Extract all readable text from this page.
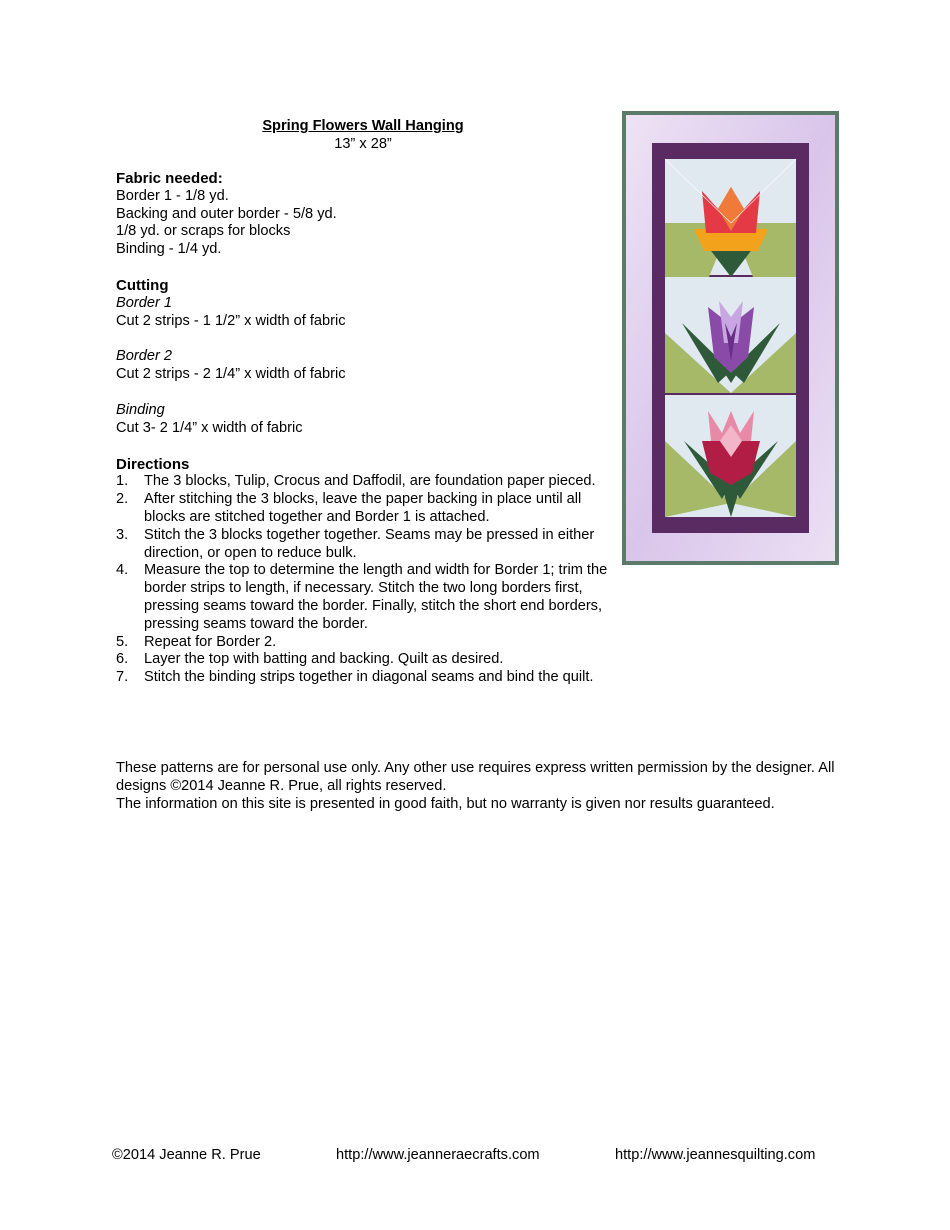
Spring Flowers Wall Hanging
13” x 28”
Fabric needed:
Border 1 - 1/8 yd.
Backing and outer border - 5/8 yd.
1/8 yd. or scraps for blocks
Binding - 1/4 yd.
Cutting
Border 1
Cut 2 strips - 1 1/2” x width of fabric
Border 2
Cut 2 strips - 2 1/4” x width of fabric
Binding
Cut 3- 2 1/4” x width of fabric
Directions
1.	The 3 blocks, Tulip, Crocus and Daffodil, are foundation paper pieced.
2.	After stitching the 3 blocks, leave the paper backing in place until all blocks are stitched together and Border 1 is attached.
3.	Stitch the 3 blocks together together. Seams may be pressed in either direction, or open to reduce bulk.
4.	Measure the top to determine the length and width for Border 1; trim the border strips to length, if necessary. Stitch the two long borders first, pressing seams toward the border. Finally, stitch the short end borders, pressing seams toward the border.
5.	Repeat for Border 2.
6.	Layer the top with batting and backing. Quilt as desired.
7.	Stitch the binding strips together in diagonal seams and bind the quilt.
These patterns are for personal use only. Any other use requires express written permission by the designer. All designs ©2014 Jeanne R. Prue, all rights reserved.
The information on this site is presented in good faith, but no warranty is given nor results guaranteed.
©2014 Jeanne R. Prue	http://www.jeanneraecrafts.com	http://www.jeannesquilting.com
